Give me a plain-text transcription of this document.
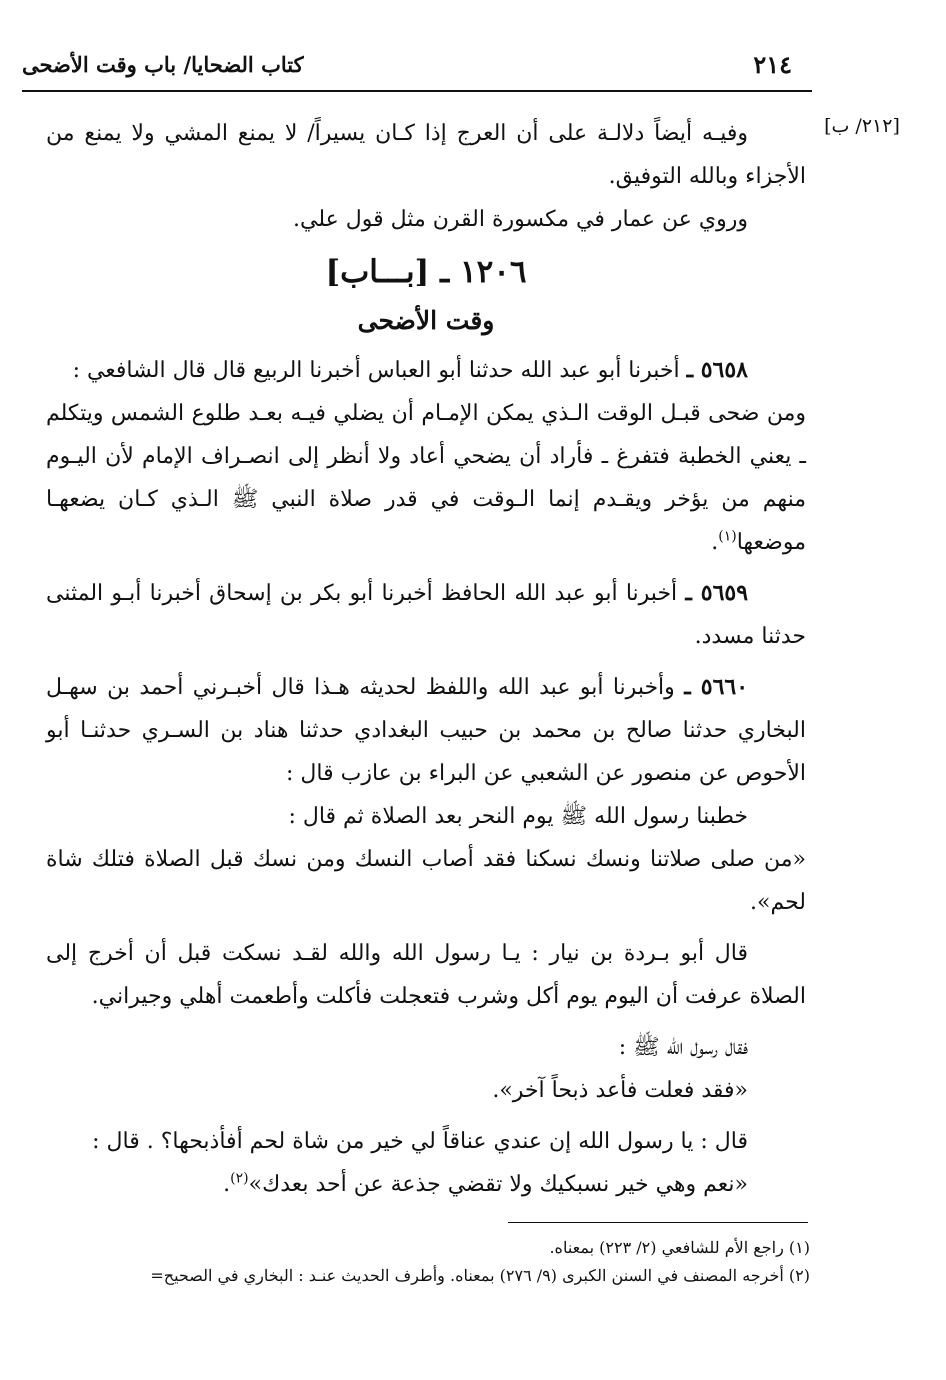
كتاب الضحايا/ باب وقت الأضحى	٢١٤
[٢١٢/ ب]

وفيـه أيضاً دلالـة على أن العرج إذا كـان يسيراً/ لا يمنع المشي ولا يمنع من الأجزاء وبالله التوفيق.

وروي عن عمار في مكسورة القرن مثل قول علي.

١٢٠٦ ـ [بـــاب]

وقت الأضحى

٥٦٥٨ ـ أخبرنا أبو عبد الله حدثنا أبو العباس أخبرنا الربيع قال قال الشافعي :

ومن ضحى قبـل الوقت الـذي يمكن الإمـام أن يضلي فيـه بعـد طلوع الشمس ويتكلم ـ يعني الخطبة فتفرغ ـ فأراد أن يضحي أعاد ولا أنظر إلى انصـراف الإمام لأن اليـوم منهم من يؤخر ويقـدم إنما الـوقت في قدر صلاة النبي ﷺ الـذي كـان يضعهـا موضعها$^{(١)}$.

٥٦٥٩ ـ أخبرنا أبو عبد الله الحافظ أخبرنا أبو بكر بن إسحاق أخبرنا أبـو المثنى حدثنا مسدد.

٥٦٦٠ ـ وأخبرنا أبو عبد الله واللفظ لحديثه هـذا قال أخبـرني أحمد بن سهـل البخاري حدثنا صالح بن محمد بن حبيب البغدادي حدثنا هناد بن السـري حدثنـا أبو الأحوص عن منصور عن الشعبي عن البراء بن عازب قال :

خطبنا رسول الله ﷺ يوم النحر بعد الصلاة ثم قال :

«من صلى صلاتنا ونسك نسكنا فقد أصاب النسك ومن نسك قبل الصلاة فتلك شاة لحم».

قال أبو بـردة بن نيار : يـا رسول الله والله لقـد نسكت قبل أن أخرج إلى الصلاة عرفت أن اليوم يوم أكل وشرب فتعجلت فأكلت وأطعمت أهلي وجيراني.

فقال رسول الله ﷺ :

«فقد فعلت فأعد ذبحاً آخر».

قال : يا رسول الله إن عندي عناقاً لي خير من شاة لحم أفأذبحها؟ . قال :

«نعم وهي خير نسبكيك ولا تقضي جذعة عن أحد بعدك»$^{(٢)}$.

(١) راجع الأم للشافعي (٢/ ٢٢٣) بمعناه.

(٢) أخرجه المصنف في السنن الكبرى (٩/ ٢٧٦) بمعناه. وأطرف الحديث عنـد : البخاري في الصحيح=
